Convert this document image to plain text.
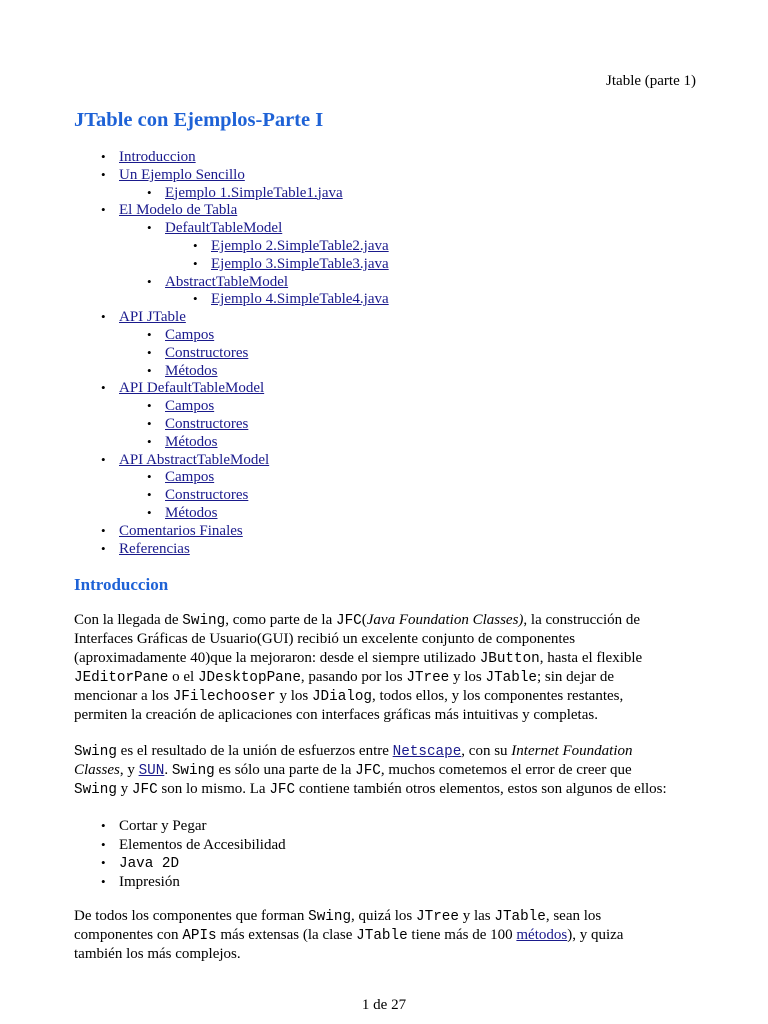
Jtable (parte 1)
JTable con Ejemplos-Parte I
• Introduccion
• Un Ejemplo Sencillo
• Ejemplo 1.SimpleTable1.java
• El Modelo de Tabla
• DefaultTableModel
• Ejemplo 2.SimpleTable2.java
• Ejemplo 3.SimpleTable3.java
• AbstractTableModel
• Ejemplo 4.SimpleTable4.java
• API JTable
• Campos
• Constructores
• Métodos
• API DefaultTableModel
• Campos
• Constructores
• Métodos
• API AbstractTableModel
• Campos
• Constructores
• Métodos
• Comentarios Finales
• Referencias
Introduccion

Con la llegada de Swing, como parte de la JFC(Java Foundation Classes), la construcción de
Interfaces Gráficas de Usuario(GUI) recibió un excelente conjunto de componentes
(aproximadamente 40)que la mejoraron: desde el siempre utilizado JButton, hasta el flexible
JEditorPane o el JDesktopPane, pasando por los JTree y los JTable; sin dejar de
mencionar a los JFilechooser y los JDialog, todos ellos, y los componentes restantes,
permiten la creación de aplicaciones con interfaces gráficas más intuitivas y completas.

Swing es el resultado de la unión de esfuerzos entre Netscape, con su Internet Foundation
Classes, y SUN. Swing es sólo una parte de la JFC, muchos cometemos el error de creer que
Swing y JFC son lo mismo. La JFC contiene también otros elementos, estos son algunos de ellos:

• Cortar y Pegar
• Elementos de Accesibilidad
• Java 2D
• Impresión

De todos los componentes que forman Swing, quizá los JTree y las JTable, sean los
componentes con APIs más extensas (la clase JTable tiene más de 100 métodos), y quiza
también los más complejos.

1 de 27
